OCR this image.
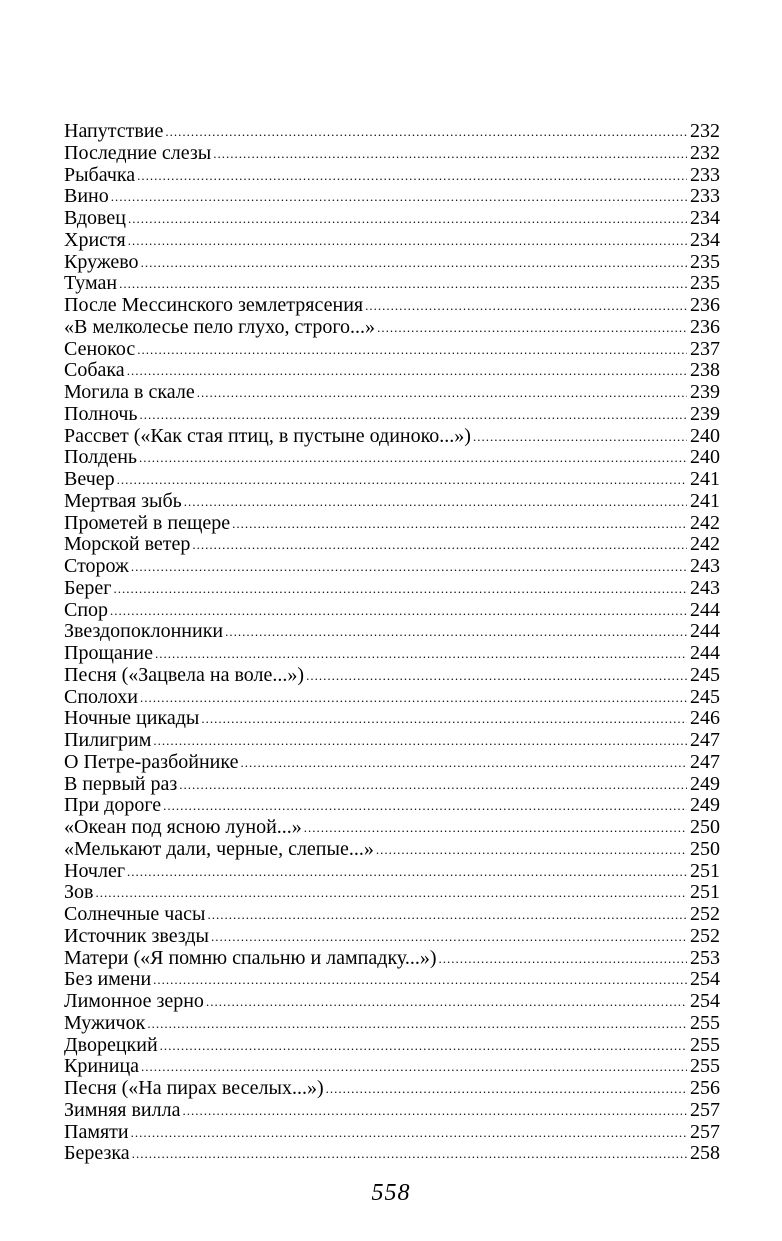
Напутствие .....	232
Последние слезы .....	232
Рыбачка .....	233
Вино .....	233
Вдовец .....	234
Христя .....	234
Кружево .....	235
Туман .....	235
После Мессинского землетрясения .....	236
«В мелколесье пело глухо, строго...» .....	236
Сенокос .....	237
Собака .....	238
Могила в скале .....	239
Полночь .....	239
Рассвет («Как стая птиц, в пустыне одиноко...») .....	240
Полдень .....	240
Вечер .....	241
Мертвая зыбь .....	241
Прометей в пещере .....	242
Морской ветер .....	242
Сторож .....	243
Берег .....	243
Спор .....	244
Звездопоклонники .....	244
Прощание .....	244
Песня («Зацвела на воле...») .....	245
Сполохи .....	245
Ночные цикады .....	246
Пилигрим .....	247
О Петре-разбойнике .....	247
В первый раз .....	249
При дороге .....	249
«Океан под ясною луной...» .....	250
«Мелькают дали, черные, слепые...» .....	250
Ночлег .....	251
Зов .....	251
Солнечные часы .....	252
Источник звезды .....	252
Матери («Я помню спальню и лампадку...») .....	253
Без имени .....	254
Лимонное зерно .....	254
Мужичок .....	255
Дворецкий .....	255
Криница .....	255
Песня («На пирах веселых...») .....	256
Зимняя вилла .....	257
Памяти .....	257
Березка .....	258
558
